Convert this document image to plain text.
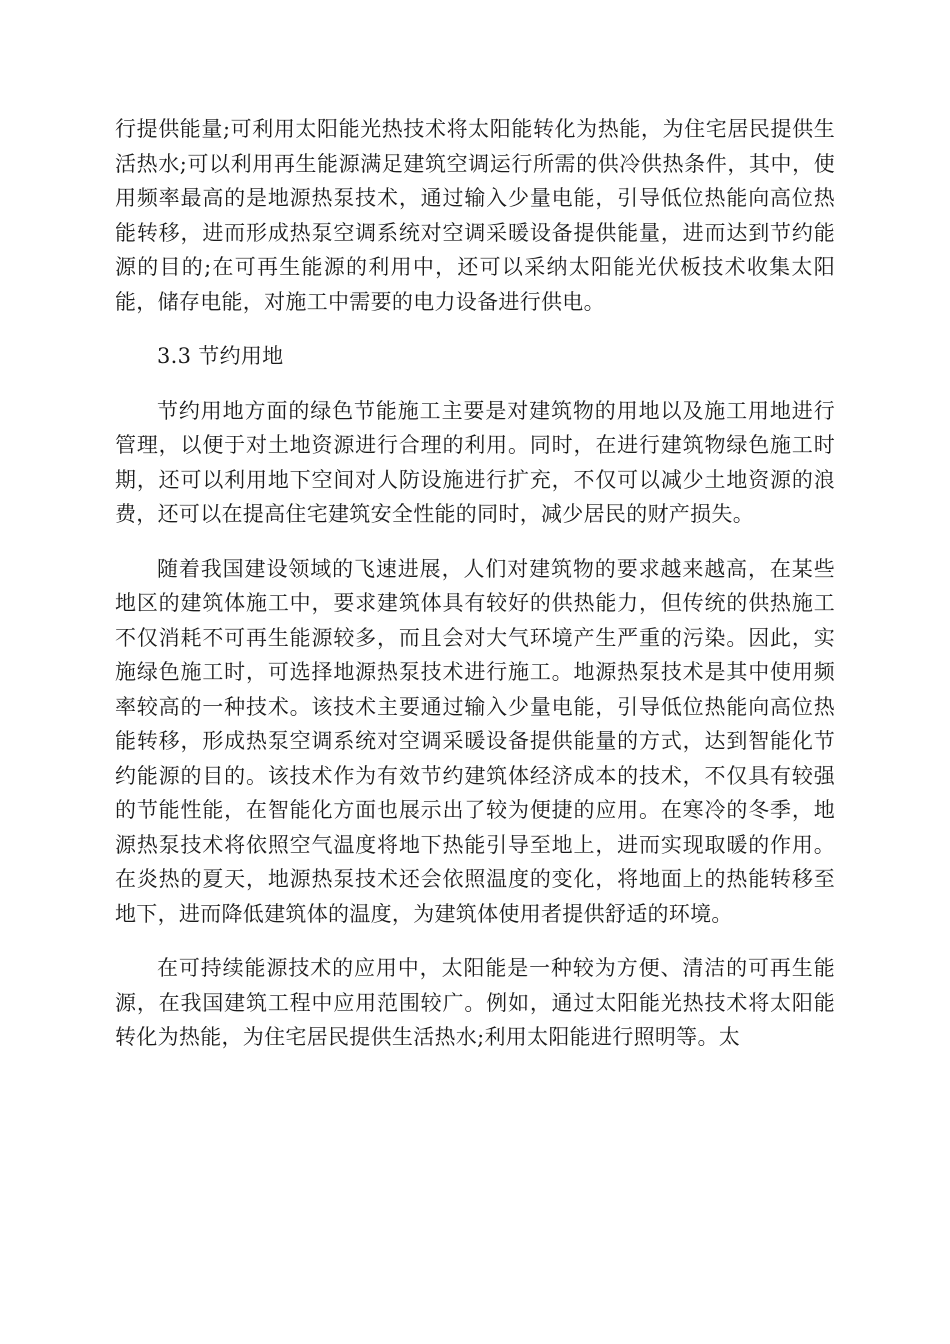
行提供能量;可利用太阳能光热技术将太阳能转化为热能，为住宅居民提供生活热水;可以利用再生能源满足建筑空调运行所需的供冷供热条件，其中，使用频率最高的是地源热泵技术，通过输入少量电能，引导低位热能向高位热能转移，进而形成热泵空调系统对空调采暖设备提供能量，进而达到节约能源的目的;在可再生能源的利用中，还可以采纳太阳能光伏板技术收集太阳能，储存电能，对施工中需要的电力设备进行供电。

3.3 节约用地

节约用地方面的绿色节能施工主要是对建筑物的用地以及施工用地进行管理，以便于对土地资源进行合理的利用。同时，在进行建筑物绿色施工时期，还可以利用地下空间对人防设施进行扩充，不仅可以减少土地资源的浪费，还可以在提高住宅建筑安全性能的同时，减少居民的财产损失。

随着我国建设领域的飞速进展，人们对建筑物的要求越来越高，在某些地区的建筑体施工中，要求建筑体具有较好的供热能力，但传统的供热施工不仅消耗不可再生能源较多，而且会对大气环境产生严重的污染。因此，实施绿色施工时，可选择地源热泵技术进行施工。地源热泵技术是其中使用频率较高的一种技术。该技术主要通过输入少量电能，引导低位热能向高位热能转移，形成热泵空调系统对空调采暖设备提供能量的方式，达到智能化节约能源的目的。该技术作为有效节约建筑体经济成本的技术，不仅具有较强的节能性能，在智能化方面也展示出了较为便捷的应用。在寒冷的冬季，地源热泵技术将依照空气温度将地下热能引导至地上，进而实现取暖的作用。在炎热的夏天，地源热泵技术还会依照温度的变化，将地面上的热能转移至地下，进而降低建筑体的温度，为建筑体使用者提供舒适的环境。

在可持续能源技术的应用中，太阳能是一种较为方便、清洁的可再生能源，在我国建筑工程中应用范围较广。例如，通过太阳能光热技术将太阳能转化为热能，为住宅居民提供生活热水;利用太阳能进行照明等。太
